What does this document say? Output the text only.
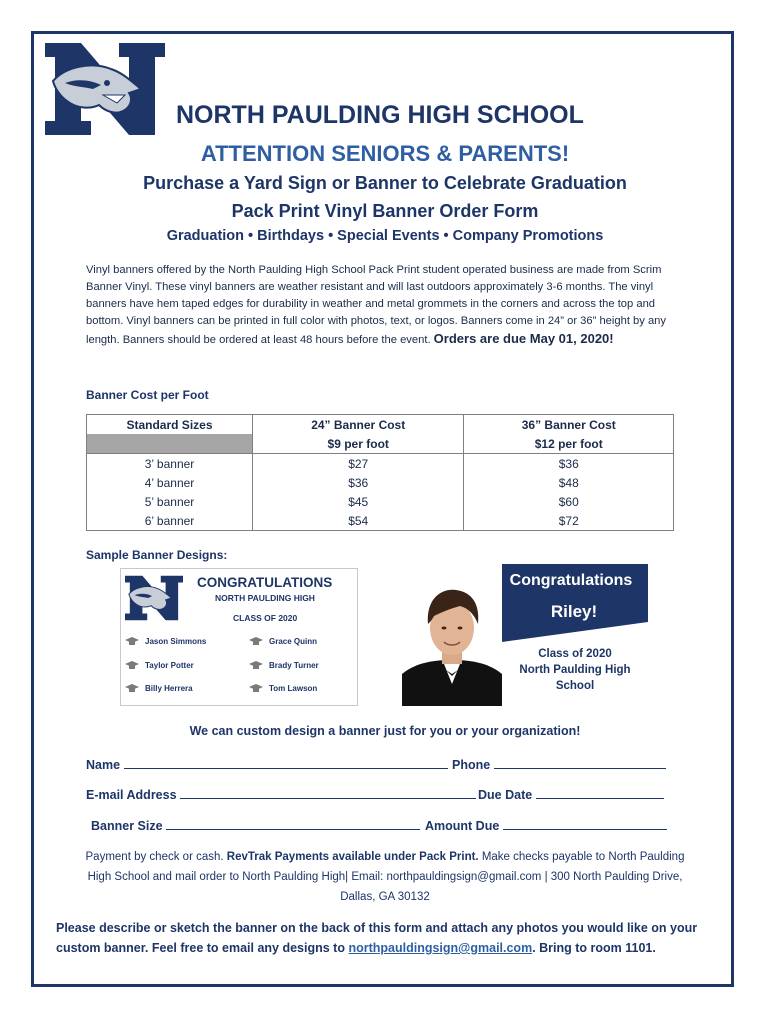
NORTH PAULDING HIGH SCHOOL
ATTENTION SENIORS & PARENTS!
Purchase a Yard Sign or Banner to Celebrate Graduation
Pack Print Vinyl Banner Order Form
Graduation • Birthdays • Special Events • Company Promotions
Vinyl banners offered by the North Paulding High School Pack Print student operated business are made from Scrim Banner Vinyl. These vinyl banners are weather resistant and will last outdoors approximately 3-6 months. The vinyl banners have hem taped edges for durability in weather and metal grommets in the corners and across the top and bottom. Vinyl banners can be printed in full color with photos, text, or logos. Banners come in 24” or 36” height by any length. Banners should be ordered at least 48 hours before the event. Orders are due May 01, 2020!
Banner Cost per Foot
Standard Sizes	24” Banner Cost	36” Banner Cost
	$9 per foot	$12 per foot
3’ banner	$27	$36
4’ banner	$36	$48
5’ banner	$45	$60
6’ banner	$54	$72
Sample Banner Designs:
CONGRATULATIONS
NORTH PAULDING HIGH
CLASS OF 2020
Jason Simmons	Grace Quinn
Taylor Potter	Brady Turner
Billy Herrera	Tom Lawson
Congratulations
Riley!
Class of 2020
North Paulding High
School
We can custom design a banner just for you or your organization!
Name	Phone
E-mail Address	Due Date
Banner Size	Amount Due
Payment by check or cash. RevTrak Payments available under Pack Print. Make checks payable to North Paulding High School and mail order to North Paulding High| Email: northpauldingsign@gmail.com | 300 North Paulding Drive, Dallas, GA 30132
Please describe or sketch the banner on the back of this form and attach any photos you would like on your custom banner. Feel free to email any designs to northpauldingsign@gmail.com. Bring to room 1101.
